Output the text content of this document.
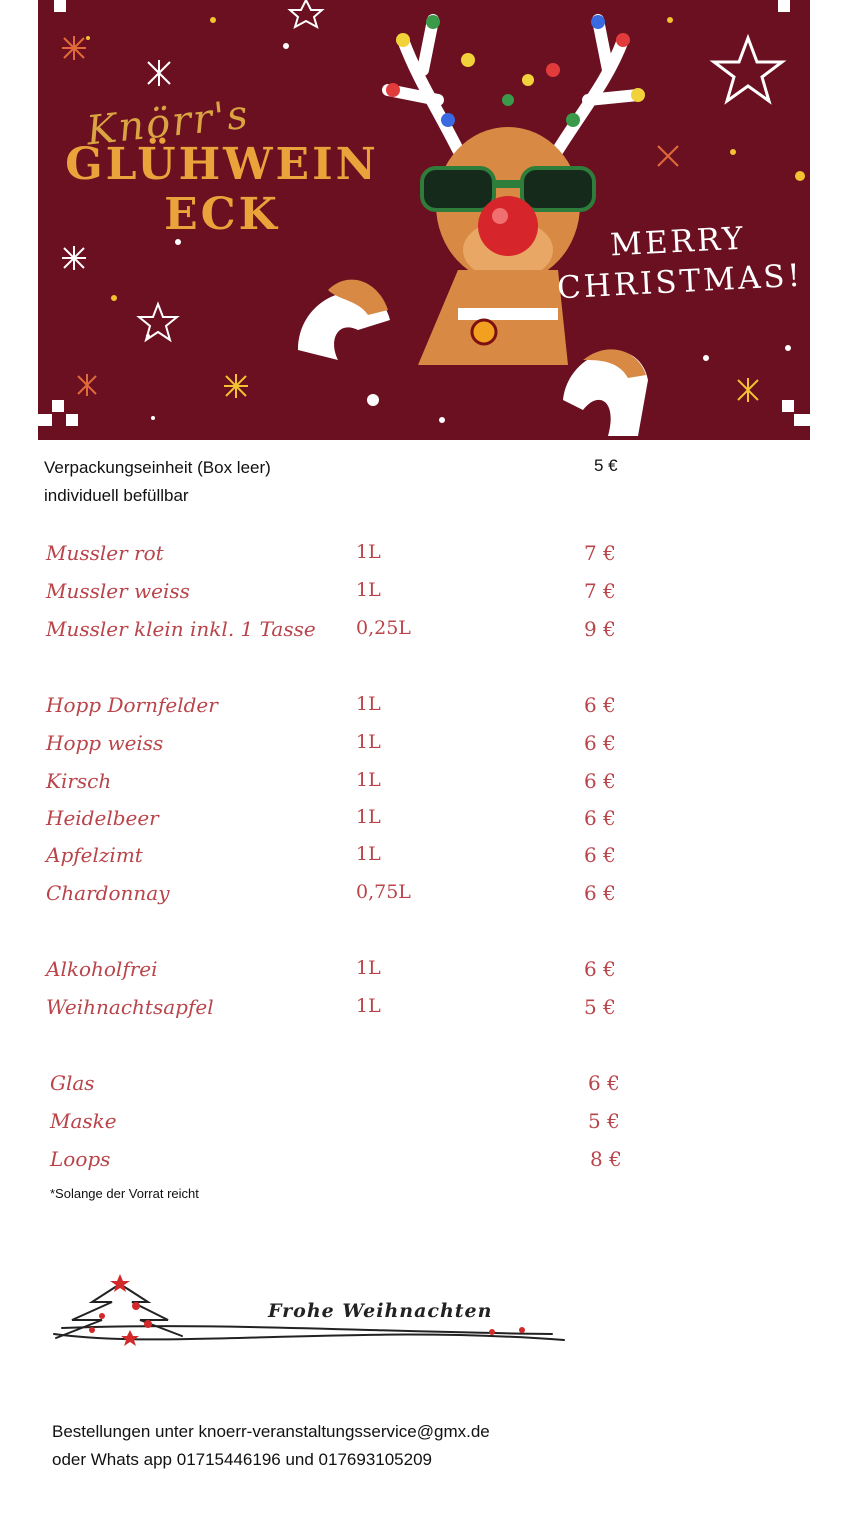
Knörr's
GLÜHWEIN
ECK
MERRY
CHRISTMAS!
Verpackungseinheit (Box leer)
individuell befüllbar
5 €
Mussler rot	1L	7 €
Mussler weiss	1L	7 €
Mussler klein inkl. 1 Tasse 0,25L	9 €
Hopp Dornfelder	1L	6 €
Hopp weiss	1L	6 €
Kirsch	1L	6 €
Heidelbeer	1L	6 €
Apfelzimt	1L	6 €
Chardonnay	0,75L	6 €
Alkoholfrei	1L	6 €
Weihnachtsapfel	1L	5 €
Glas	6 €
Maske	5 €
Loops	8 €
*Solange der Vorrat reicht
Frohe Weihnachten
Bestellungen unter knoerr-veranstaltungsservice@gmx.de
oder Whats app 01715446196 und 017693105209
